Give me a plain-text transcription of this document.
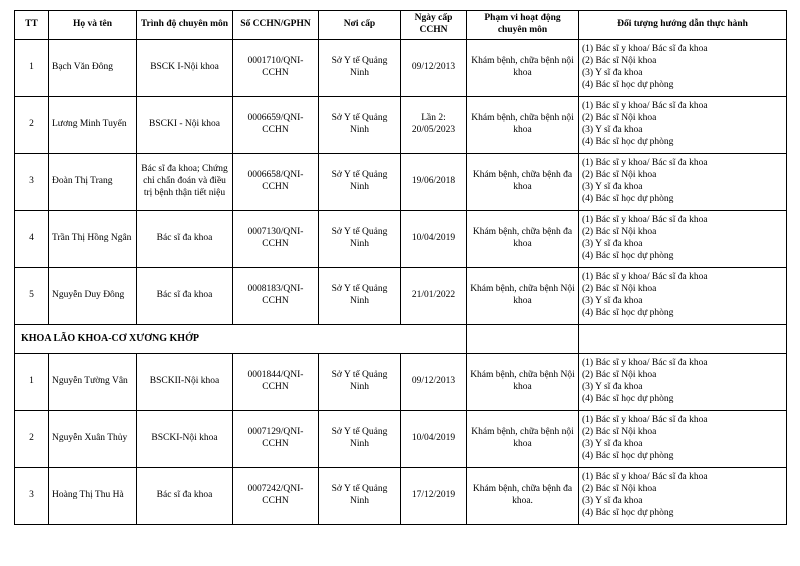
TT	Họ và tên	Trình độ chuyên môn	Số CCHN/GPHN	Nơi cấp	Ngày cấp CCHN	Phạm vi hoạt động chuyên môn	Đối tượng hướng dẫn thực hành
1	Bạch Văn Đông	BSCK I-Nội khoa	0001710/QNI-CCHN	Sở Y tế Quảng Ninh	09/12/2013	Khám bệnh, chữa bệnh nội khoa	(1) Bác sĩ y khoa/ Bác sĩ đa khoa
(2) Bác sĩ Nội khoa
(3) Y sĩ đa khoa
(4) Bác sĩ học dự phòng

2	Lương Minh Tuyến	BSCKI - Nội khoa	0006659/QNI-CCHN	Sở Y tế Quảng Ninh	Lần 2: 20/05/2023	Khám bệnh, chữa bệnh nội khoa	(1) Bác sĩ y khoa/ Bác sĩ đa khoa
(2) Bác sĩ Nội khoa
(3) Y sĩ đa khoa
(4) Bác sĩ học dự phòng

3	Đoàn Thị Trang	Bác sĩ đa khoa; Chứng chỉ chẩn đoán và điều trị bệnh thận tiết niệu	0006658/QNI-CCHN	Sở Y tế Quảng Ninh	19/06/2018	Khám bệnh, chữa bệnh đa khoa	(1) Bác sĩ y khoa/ Bác sĩ đa khoa
(2) Bác sĩ Nội khoa
(3) Y sĩ đa khoa
(4) Bác sĩ học dự phòng

4	Trần Thị Hồng Ngân	Bác sĩ đa khoa	0007130/QNI-CCHN	Sở Y tế Quảng Ninh	10/04/2019	Khám bệnh, chữa bệnh đa khoa	(1) Bác sĩ y khoa/ Bác sĩ đa khoa
(2) Bác sĩ Nội khoa
(3) Y sĩ đa khoa
(4) Bác sĩ học dự phòng

5	Nguyễn Duy Đông	Bác sĩ đa khoa	0008183/QNI-CCHN	Sở Y tế Quảng Ninh	21/01/2022	Khám bệnh, chữa bệnh Nội khoa	(1) Bác sĩ y khoa/ Bác sĩ đa khoa
(2) Bác sĩ Nội khoa
(3) Y sĩ đa khoa
(4) Bác sĩ học dự phòng

KHOA LÃO KHOA-CƠ XƯƠNG KHỚP							
1	Nguyễn Tường Vân	BSCKII-Nội khoa	0001844/QNI-CCHN	Sở Y tế Quảng Ninh	09/12/2013	Khám bệnh, chữa bệnh Nội khoa	(1) Bác sĩ y khoa/ Bác sĩ đa khoa
(2) Bác sĩ Nội khoa
(3) Y sĩ đa khoa
(4) Bác sĩ học dự phòng

2	Nguyễn Xuân Thủy	BSCKI-Nội khoa	0007129/QNI-CCHN	Sở Y tế Quảng Ninh	10/04/2019	Khám bệnh, chữa bệnh nội khoa	(1) Bác sĩ y khoa/ Bác sĩ đa khoa
(2) Bác sĩ Nội khoa
(3) Y sĩ đa khoa
(4) Bác sĩ học dự phòng

3	Hoàng Thị Thu Hà	Bác sĩ đa khoa	0007242/QNI-CCHN	Sở Y tế Quảng Ninh	17/12/2019	Khám bệnh, chữa bệnh đa khoa.	(1) Bác sĩ y khoa/ Bác sĩ đa khoa
(2) Bác sĩ Nội khoa
(3) Y sĩ đa khoa
(4) Bác sĩ học dự phòng
